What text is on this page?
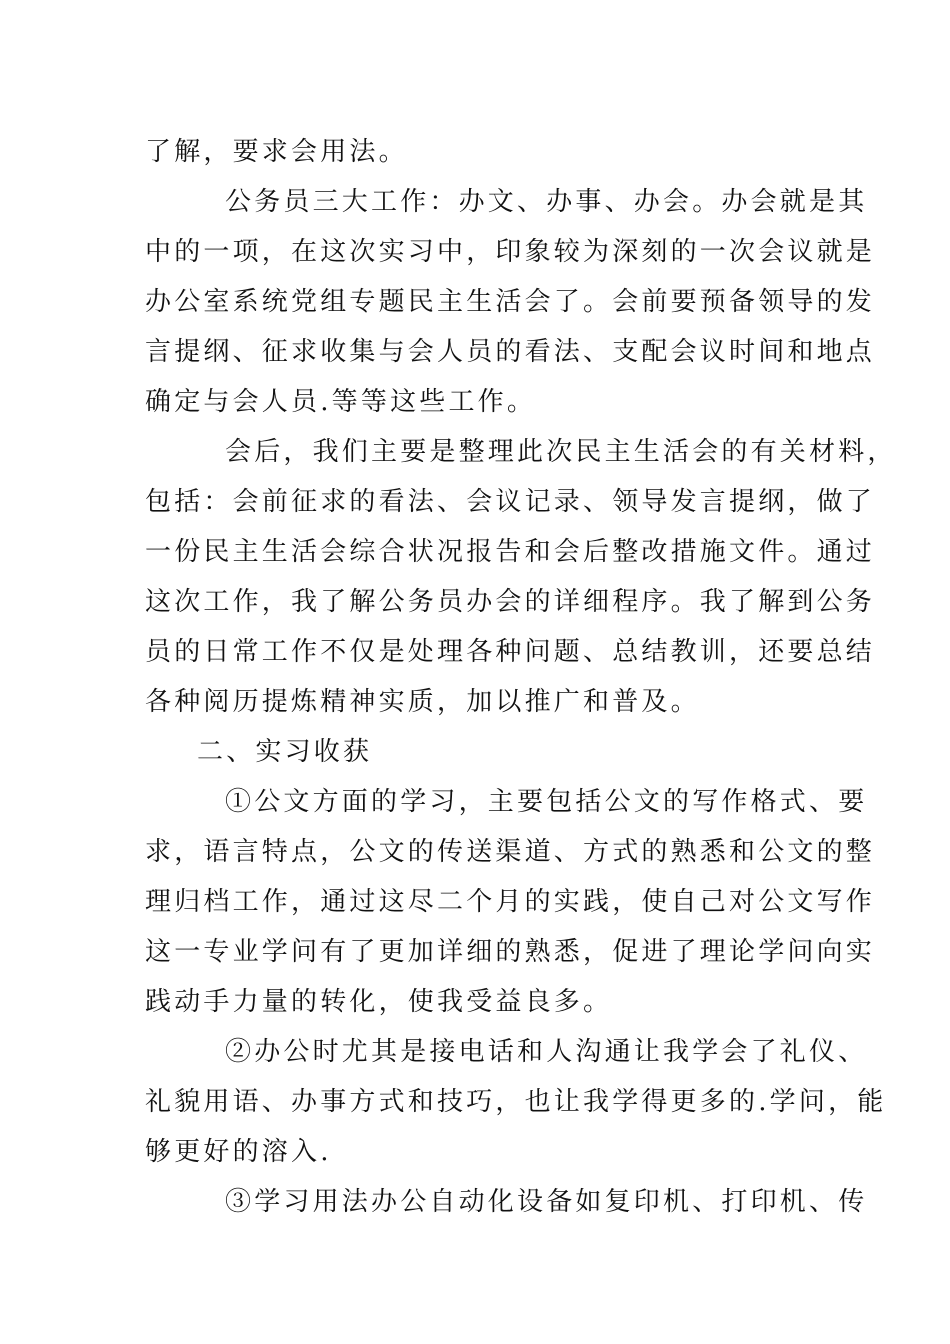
了解，要求会用法。
公务员三大工作：办文、办事、办会。办会就是其
中的一项，在这次实习中，印象较为深刻的一次会议就是
办公室系统党组专题民主生活会了。会前要预备领导的发
言提纲、征求收集与会人员的看法、支配会议时间和地点
确定与会人员.等等这些工作。
会后，我们主要是整理此次民主生活会的有关材料，
包括：会前征求的看法、会议记录、领导发言提纲，做了
一份民主生活会综合状况报告和会后整改措施文件。通过
这次工作，我了解公务员办会的详细程序。我了解到公务
员的日常工作不仅是处理各种问题、总结教训，还要总结
各种阅历提炼精神实质，加以推广和普及。
二、实习收获
①公文方面的学习，主要包括公文的写作格式、要
求，语言特点，公文的传送渠道、方式的熟悉和公文的整
理归档工作，通过这尽二个月的实践，使自己对公文写作
这一专业学问有了更加详细的熟悉，促进了理论学问向实
践动手力量的转化，使我受益良多。
②办公时尤其是接电话和人沟通让我学会了礼仪、
礼貌用语、办事方式和技巧，也让我学得更多的.学问，能
够更好的溶入.
③学习用法办公自动化设备如复印机、打印机、传
